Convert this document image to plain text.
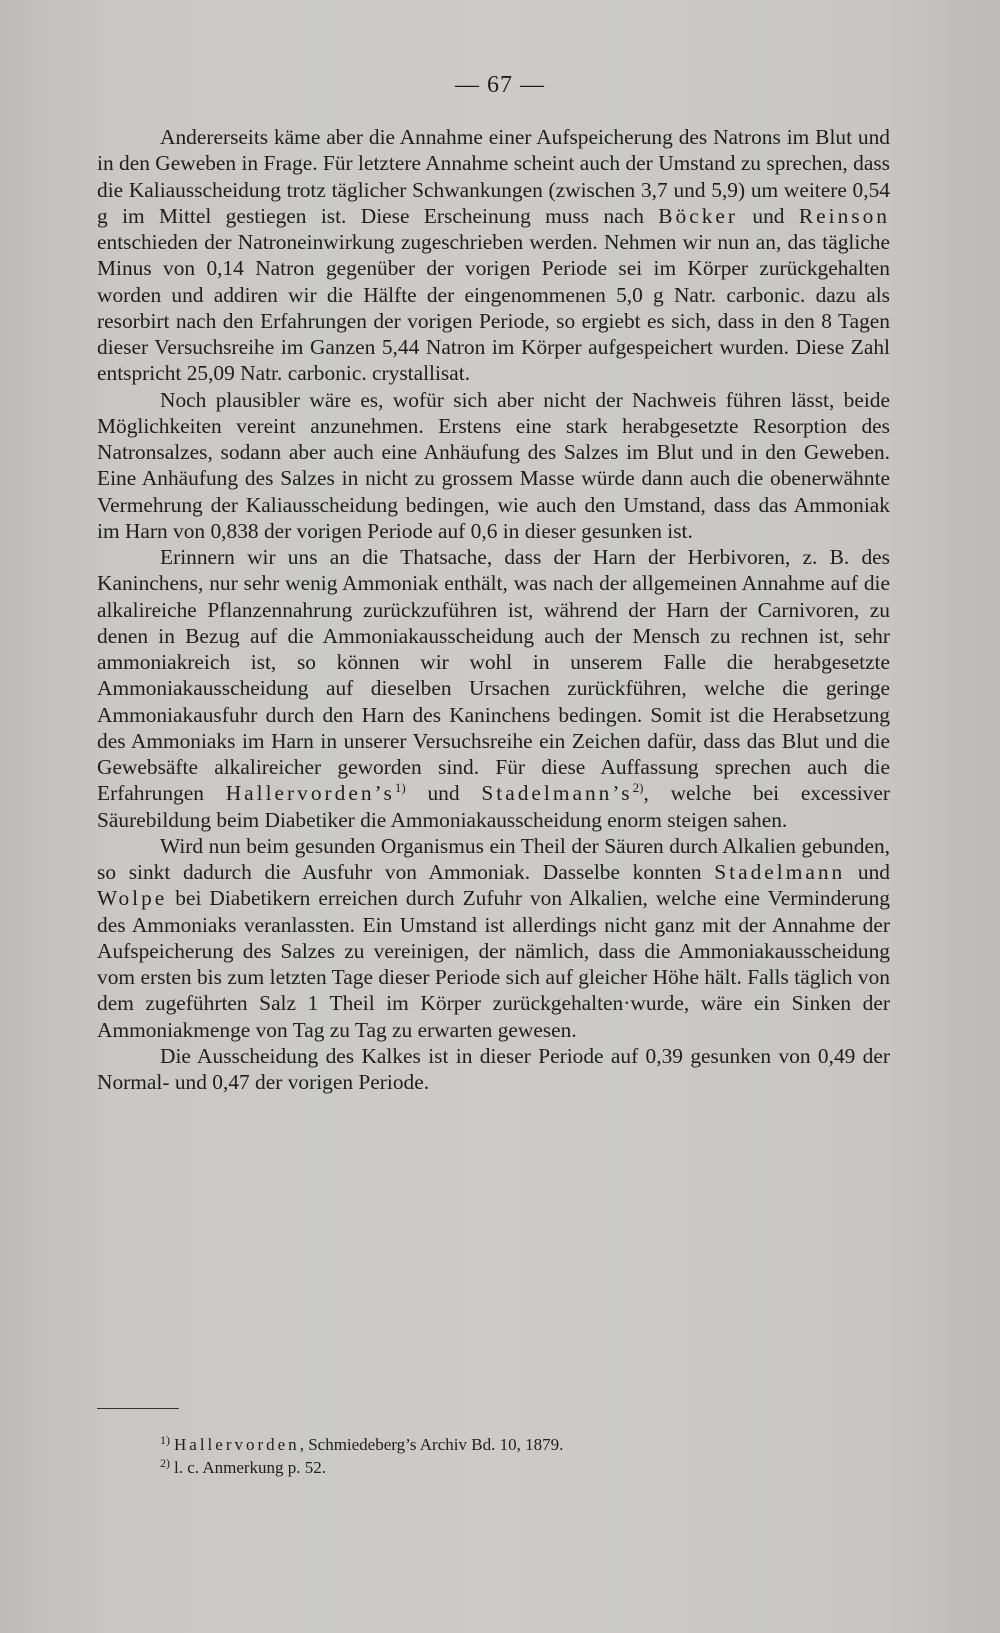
— 67 —

Andererseits käme aber die Annahme einer Aufspeicherung des Natrons im Blut und in den Geweben in Frage. Für letztere Annahme scheint auch der Umstand zu sprechen, dass die Kaliausscheidung trotz täglicher Schwankungen (zwischen 3,7 und 5,9) um weitere 0,54 g im Mittel gestiegen ist. Diese Erscheinung muss nach Böcker und Reinson entschieden der Natroneinwirkung zugeschrieben werden. Nehmen wir nun an, das tägliche Minus von 0,14 Natron gegenüber der vorigen Periode sei im Körper zurückgehalten worden und addiren wir die Hälfte der eingenommenen 5,0 g Natr. carbonic. dazu als resorbirt nach den Erfahrungen der vorigen Periode, so ergiebt es sich, dass in den 8 Tagen dieser Versuchsreihe im Ganzen 5,44 Natron im Körper aufgespeichert wurden. Diese Zahl entspricht 25,09 Natr. carbonic. crystallisat.

Noch plausibler wäre es, wofür sich aber nicht der Nachweis führen lässt, beide Möglichkeiten vereint anzunehmen. Erstens eine stark herabgesetzte Resorption des Natronsalzes, sodann aber auch eine Anhäufung des Salzes im Blut und in den Geweben. Eine Anhäufung des Salzes in nicht zu grossem Masse würde dann auch die obenerwähnte Vermehrung der Kaliausscheidung bedingen, wie auch den Umstand, dass das Ammoniak im Harn von 0,838 der vorigen Periode auf 0,6 in dieser gesunken ist.

Erinnern wir uns an die Thatsache, dass der Harn der Herbivoren, z. B. des Kaninchens, nur sehr wenig Ammoniak enthält, was nach der allgemeinen Annahme auf die alkalireiche Pflanzennahrung zurückzuführen ist, während der Harn der Carnivoren, zu denen in Bezug auf die Ammoniakausscheidung auch der Mensch zu rechnen ist, sehr ammoniakreich ist, so können wir wohl in unserem Falle die herabgesetzte Ammoniakausscheidung auf dieselben Ursachen zurückführen, welche die geringe Ammoniakausfuhr durch den Harn des Kaninchens bedingen. Somit ist die Herabsetzung des Ammoniaks im Harn in unserer Versuchsreihe ein Zeichen dafür, dass das Blut und die Gewebsäfte alkalireicher geworden sind. Für diese Auffassung sprechen auch die Erfahrungen $Hallervorden’s^{1)}$ und $Stadelmann’s^{2)}$, welche bei excessiver Säurebildung beim Diabetiker die Ammoniakausscheidung enorm steigen sahen.

Wird nun beim gesunden Organismus ein Theil der Säuren durch Alkalien gebunden, so sinkt dadurch die Ausfuhr von Ammoniak. Dasselbe konnten Stadelmann und Wolpe bei Diabetikern erreichen durch Zufuhr von Alkalien, welche eine Verminderung des Ammoniaks veranlassten. Ein Umstand ist allerdings nicht ganz mit der Annahme der Aufspeicherung des Salzes zu vereinigen, der nämlich, dass die Ammoniakausscheidung vom ersten bis zum letzten Tage dieser Periode sich auf gleicher Höhe hält. Falls täglich von dem zugeführten Salz 1 Theil im Körper zurückgehalten·wurde, wäre ein Sinken der Ammoniakmenge von Tag zu Tag zu erwarten gewesen.

Die Ausscheidung des Kalkes ist in dieser Periode auf 0,39 gesunken von 0,49 der Normal- und 0,47 der vorigen Periode.

$^{1)}$ Hallervorden, Schmiedeberg’s Archiv Bd. 10, 1879.
$^{2)}$ l. c. Anmerkung p. 52.
